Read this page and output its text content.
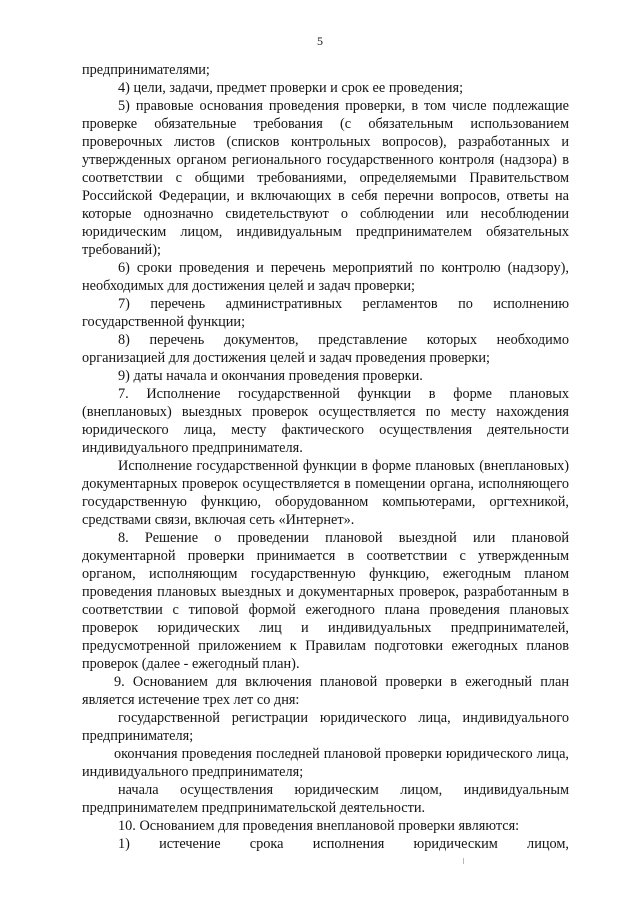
5

предпринимателями;

4) цели, задачи, предмет проверки и срок ее проведения;

5) правовые основания проведения проверки, в том числе подлежащие проверке обязательные требования (с обязательным использованием проверочных листов (списков контрольных вопросов), разработанных и утвержденных органом регионального государственного контроля (надзора) в соответствии с общими требованиями, определяемыми Правительством Российской Федерации, и включающих в себя перечни вопросов, ответы на которые однозначно свидетельствуют о соблюдении или несоблюдении юридическим лицом, индивидуальным предпринимателем обязательных требований);

6) сроки проведения и перечень мероприятий по контролю (надзору), необходимых для достижения целей и задач проверки;

7) перечень административных регламентов по исполнению государственной функции;

8) перечень документов, представление которых необходимо организацией для достижения целей и задач проведения проверки;

9) даты начала и окончания проведения проверки.

7. Исполнение государственной функции в форме плановых (внеплановых) выездных проверок осуществляется по месту нахождения юридического лица, месту фактического осуществления деятельности индивидуального предпринимателя.

Исполнение государственной функции в форме плановых (внеплановых) документарных проверок осуществляется в помещении органа, исполняющего государственную функцию, оборудованном компьютерами, оргтехникой, средствами связи, включая сеть «Интернет».

8. Решение о проведении плановой выездной или плановой документарной проверки принимается в соответствии с утвержденным органом, исполняющим государственную функцию, ежегодным планом проведения плановых выездных и документарных проверок, разработанным в соответствии с типовой формой ежегодного плана проведения плановых проверок юридических лиц и индивидуальных предпринимателей, предусмотренной приложением к Правилам подготовки ежегодных планов проверок (далее - ежегодный план).

9. Основанием для включения плановой проверки в ежегодный план является истечение трех лет со дня:

государственной регистрации юридического лица, индивидуального предпринимателя;

окончания проведения последней плановой проверки юридического лица, индивидуального предпринимателя;

начала осуществления юридическим лицом, индивидуальным предпринимателем предпринимательской деятельности.

10. Основанием для проведения внеплановой проверки являются:

1) истечение срока исполнения юридическим лицом,
